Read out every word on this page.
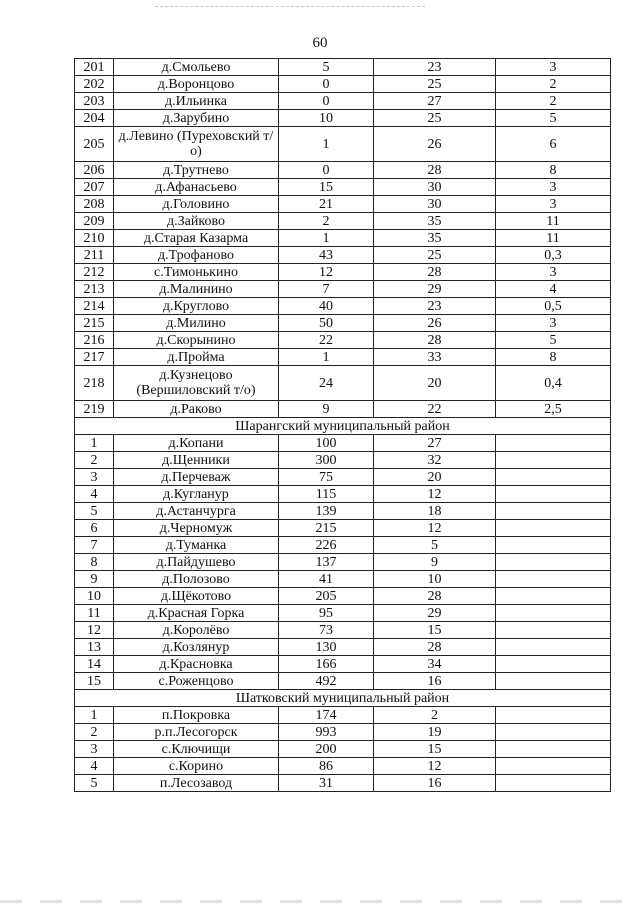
60
201	д.Смольево	5	23	3
202	д.Воронцово	0	25	2
203	д.Ильинка	0	27	2
204	д.Зарубино	10	25	5
205	д.Левино (Пуреховский т/о)	1	26	6
206	д.Трутнево	0	28	8
207	д.Афанасьево	15	30	3
208	д.Головино	21	30	3
209	д.Зайково	2	35	11
210	д.Старая Казарма	1	35	11
211	д.Трофаново	43	25	0,3
212	с.Тимонькино	12	28	3
213	д.Малинино	7	29	4
214	д.Круглово	40	23	0,5
215	д.Милино	50	26	3
216	д.Скорынино	22	28	5
217	д.Пройма	1	33	8
218	д.Кузнецово (Вершиловский т/о)	24	20	0,4
219	д.Раково	9	22	2,5
Шарангский муниципальный район				
1	д.Копани	100	27	
2	д.Щенники	300	32	
3	д.Перчеваж	75	20	
4	д.Кугланур	115	12	
5	д.Астанчурга	139	18	
6	д.Черномуж	215	12	
7	д.Туманка	226	5	
8	д.Пайдушево	137	9	
9	д.Полозово	41	10	
10	д.Щёкотово	205	28	
11	д.Красная Горка	95	29	
12	д.Королёво	73	15	
13	д.Козлянур	130	28	
14	д.Красновка	166	34	
15	с.Роженцово	492	16	
Шатковский муниципальный район				
1	п.Покровка	174	2	
2	р.п.Лесогорск	993	19	
3	с.Ключищи	200	15	
4	с.Корино	86	12	
5	п.Лесозавод	31	16	
